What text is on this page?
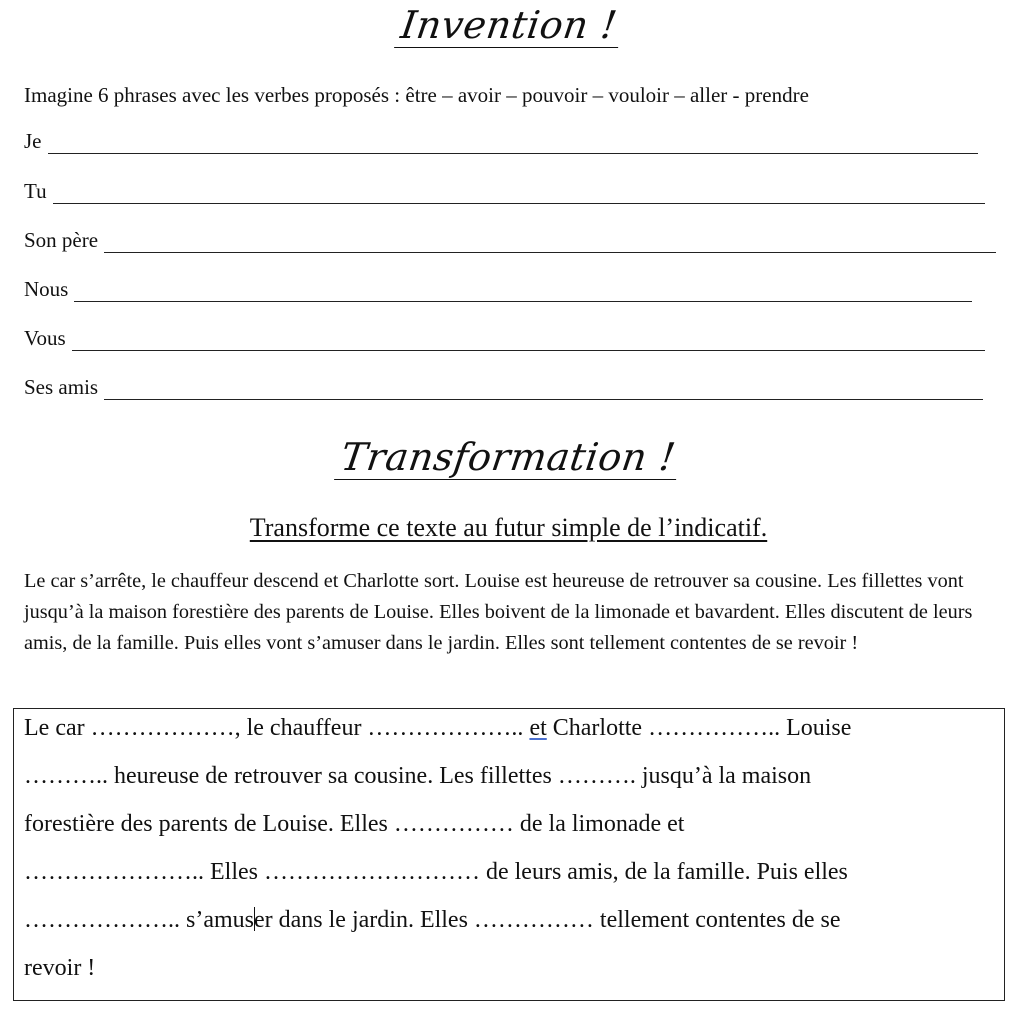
Invention !
Imagine 6 phrases avec les verbes proposés : être – avoir – pouvoir – vouloir – aller - prendre
Je
Tu
Son père
Nous
Vous
Ses amis
Transformation !
Transforme ce texte au futur simple de l’indicatif.

Le car s’arrête, le chauffeur descend et Charlotte sort. Louise est heureuse de retrouver sa cousine. Les fillettes vont jusqu’à la maison forestière des parents de Louise. Elles boivent de la limonade et bavardent. Elles discutent de leurs amis, de la famille. Puis elles vont s’amuser dans le jardin. Elles sont tellement contentes de se revoir !

Le car ………………, le chauffeur ……………….. et Charlotte …………….. Louise
……….. heureuse de retrouver sa cousine. Les fillettes ………. jusqu’à la maison
forestière des parents de Louise. Elles …………… de la limonade et
………………….. Elles ……………………… de leurs amis, de la famille. Puis elles
……………….. s’amuser dans le jardin. Elles …………… tellement contentes de se
revoir !
